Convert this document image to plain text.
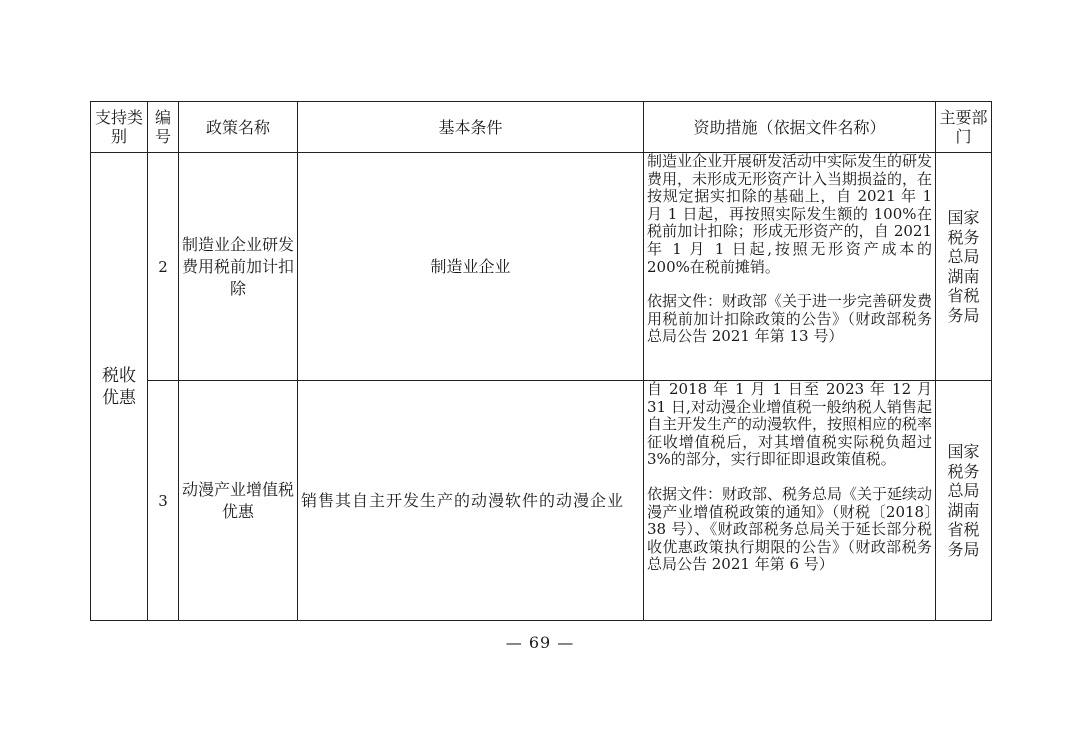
支持类别	编号	政策名称	基本条件	资助措施（依据文件名称）	主要部门

税收优惠	2	制造业企业研发费用税前加计扣除	制造业企业	制造业企业开展研发活动中实际发生的研发费用，未形成无形资产计入当期损益的，在按规定据实扣除的基础上，自 2021 年 1 月 1 日起，再按照实际发生额的 100%在税前加计扣除；形成无形资产的，自 2021 年 1 月 1 日起,按照无形资产成本的 200%在税前摊销。

依据文件：财政部《关于进一步完善研发费用税前加计扣除政策的公告》（财政部税务总局公告 2021 年第 13 号）	国家税务总局湖南省税务局
	3	动漫产业增值税优惠	销售其自主开发生产的动漫软件的动漫企业	自 2018 年 1 月 1 日至 2023 年 12 月 31 日,对动漫企业增值税一般纳税人销售起自主开发生产的动漫软件，按照相应的税率征收增值税后，对其增值税实际税负超过 3%的部分，实行即征即退政策值税。

依据文件：财政部、税务总局《关于延续动漫产业增值税政策的通知》（财税〔2018〕38 号）、《财政部税务总局关于延长部分税收优惠政策执行期限的公告》（财政部税务总局公告 2021 年第 6 号）	国家税务总局湖南省税务局
— 69 —
